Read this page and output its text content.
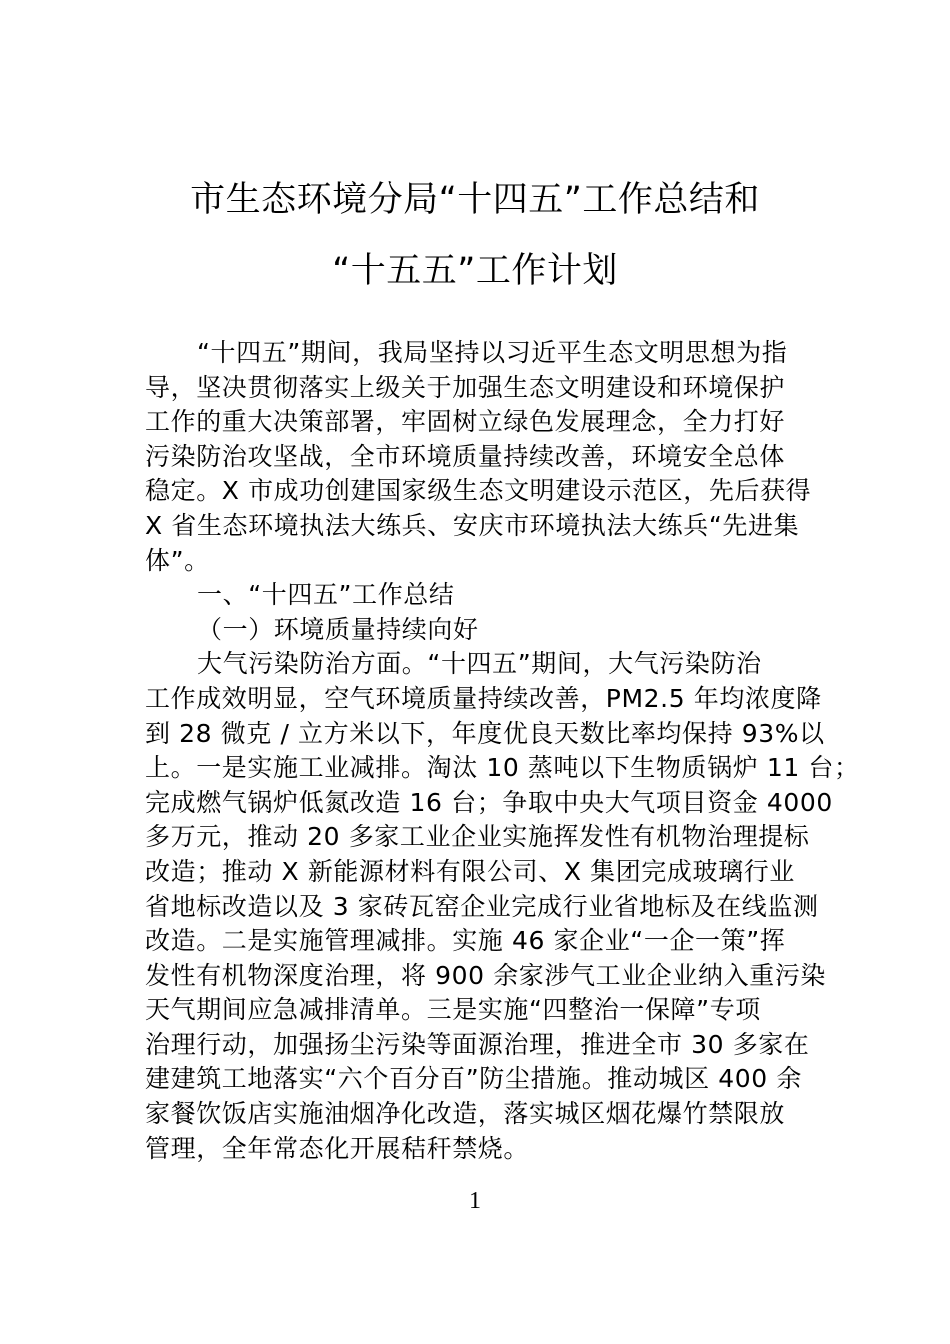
市生态环境分局“十四五”工作总结和
“十五五”工作计划
“十四五”期间，我局坚持以习近平生态文明思想为指
导，坚决贯彻落实上级关于加强生态文明建设和环境保护
工作的重大决策部署，牢固树立绿色发展理念，全力打好
污染防治攻坚战，全市环境质量持续改善，环境安全总体
稳定。X 市成功创建国家级生态文明建设示范区，先后获得
X 省生态环境执法大练兵、安庆市环境执法大练兵“先进集
体”。
一、“十四五”工作总结
（一）环境质量持续向好
大气污染防治方面。“十四五”期间，大气污染防治
工作成效明显，空气环境质量持续改善，PM2.5 年均浓度降
到 28 微克 / 立方米以下，年度优良天数比率均保持 93%以
上。一是实施工业减排。淘汰 10 蒸吨以下生物质锅炉 11 台；
完成燃气锅炉低氮改造 16 台；争取中央大气项目资金 4000
多万元，推动 20 多家工业企业实施挥发性有机物治理提标
改造；推动 X 新能源材料有限公司、X 集团完成玻璃行业
省地标改造以及 3 家砖瓦窑企业完成行业省地标及在线监测
改造。二是实施管理减排。实施 46 家企业“一企一策”挥
发性有机物深度治理，将 900 余家涉气工业企业纳入重污染
天气期间应急减排清单。三是实施“四整治一保障”专项
治理行动，加强扬尘污染等面源治理，推进全市 30 多家在
建建筑工地落实“六个百分百”防尘措施。推动城区 400 余
家餐饮饭店实施油烟净化改造，落实城区烟花爆竹禁限放
管理，全年常态化开展秸秆禁烧。
1
